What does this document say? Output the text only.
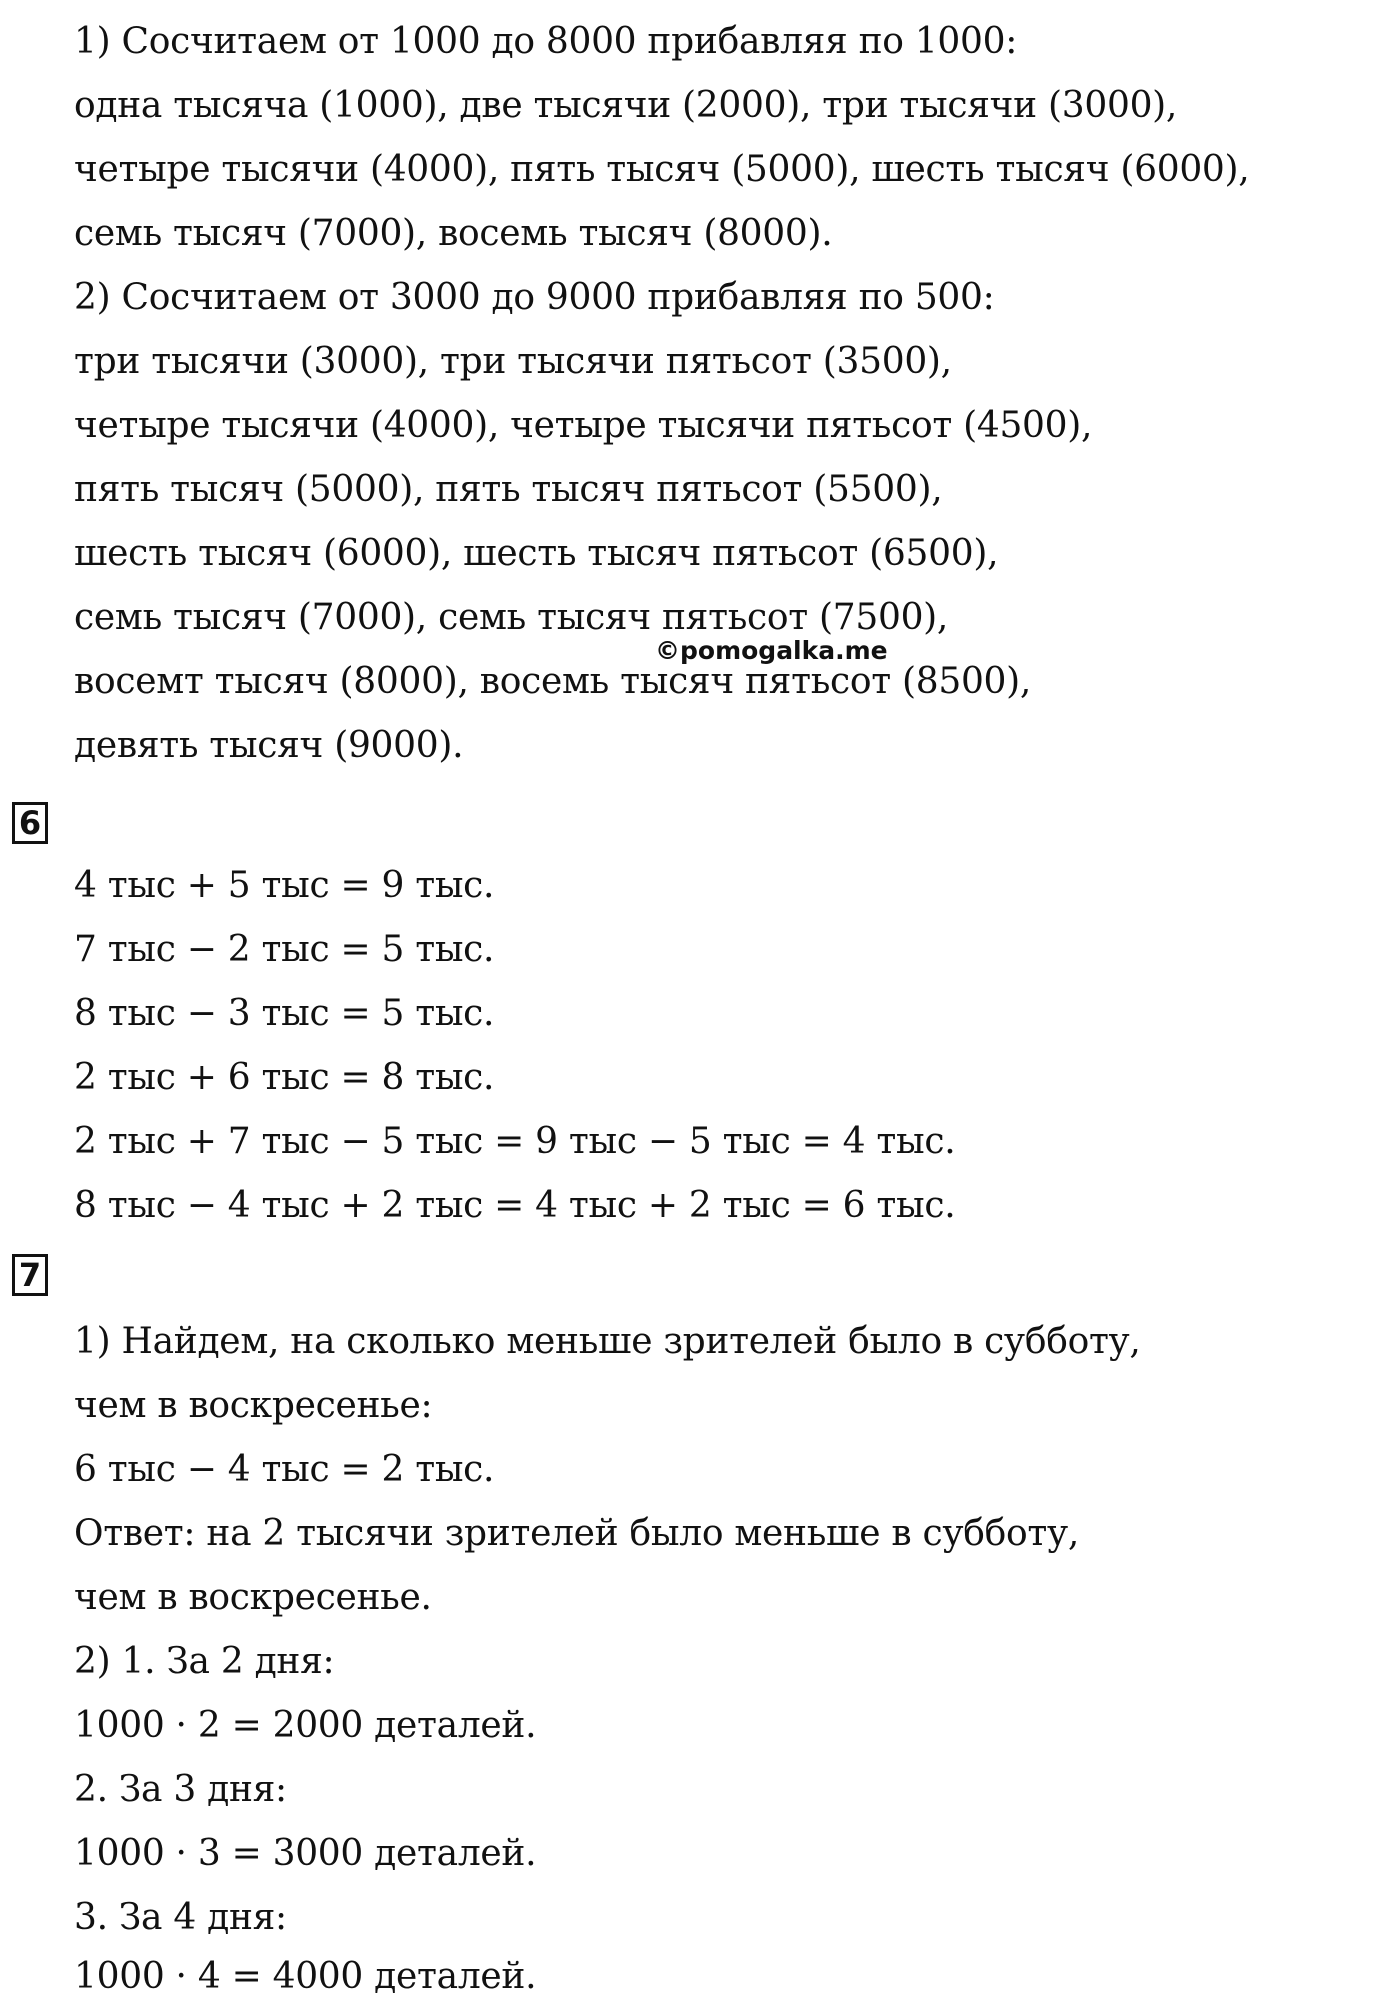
1) Сосчитаем от 1000 до 8000 прибавляя по 1000:
одна тысяча (1000), две тысячи (2000), три тысячи (3000),
четыре тысячи (4000), пять тысяч (5000), шесть тысяч (6000),
семь тысяч (7000), восемь тысяч (8000).
2) Сосчитаем от 3000 до 9000 прибавляя по 500:
три тысячи (3000), три тысячи пятьсот (3500),
четыре тысячи (4000), четыре тысячи пятьсот (4500),
пять тысяч (5000), пять тысяч пятьсот (5500),
шесть тысяч (6000), шесть тысяч пятьсот (6500),
семь тысяч (7000), семь тысяч пятьсот (7500),
восемт тысяч (8000), восемь тысяч пятьсот (8500),
девять тысяч (9000).
©pomogalka.me
6
4 тыс + 5 тыс = 9 тыс.
7 тыс − 2 тыс = 5 тыс.
8 тыс − 3 тыс = 5 тыс.
2 тыс + 6 тыс = 8 тыс.
2 тыс + 7 тыс − 5 тыс = 9 тыс − 5 тыс = 4 тыс.
8 тыс − 4 тыс + 2 тыс = 4 тыс + 2 тыс = 6 тыс.
7
1) Найдем, на сколько меньше зрителей было в субботу,
чем в воскресенье:
6 тыс − 4 тыс = 2 тыс.
Ответ: на 2 тысячи зрителей было меньше в субботу,
чем в воскресенье.
2) 1. За 2 дня:
1000 · 2 = 2000 деталей.
2. За 3 дня:
1000 · 3 = 3000 деталей.
3. За 4 дня:
1000 · 4 = 4000 деталей.
